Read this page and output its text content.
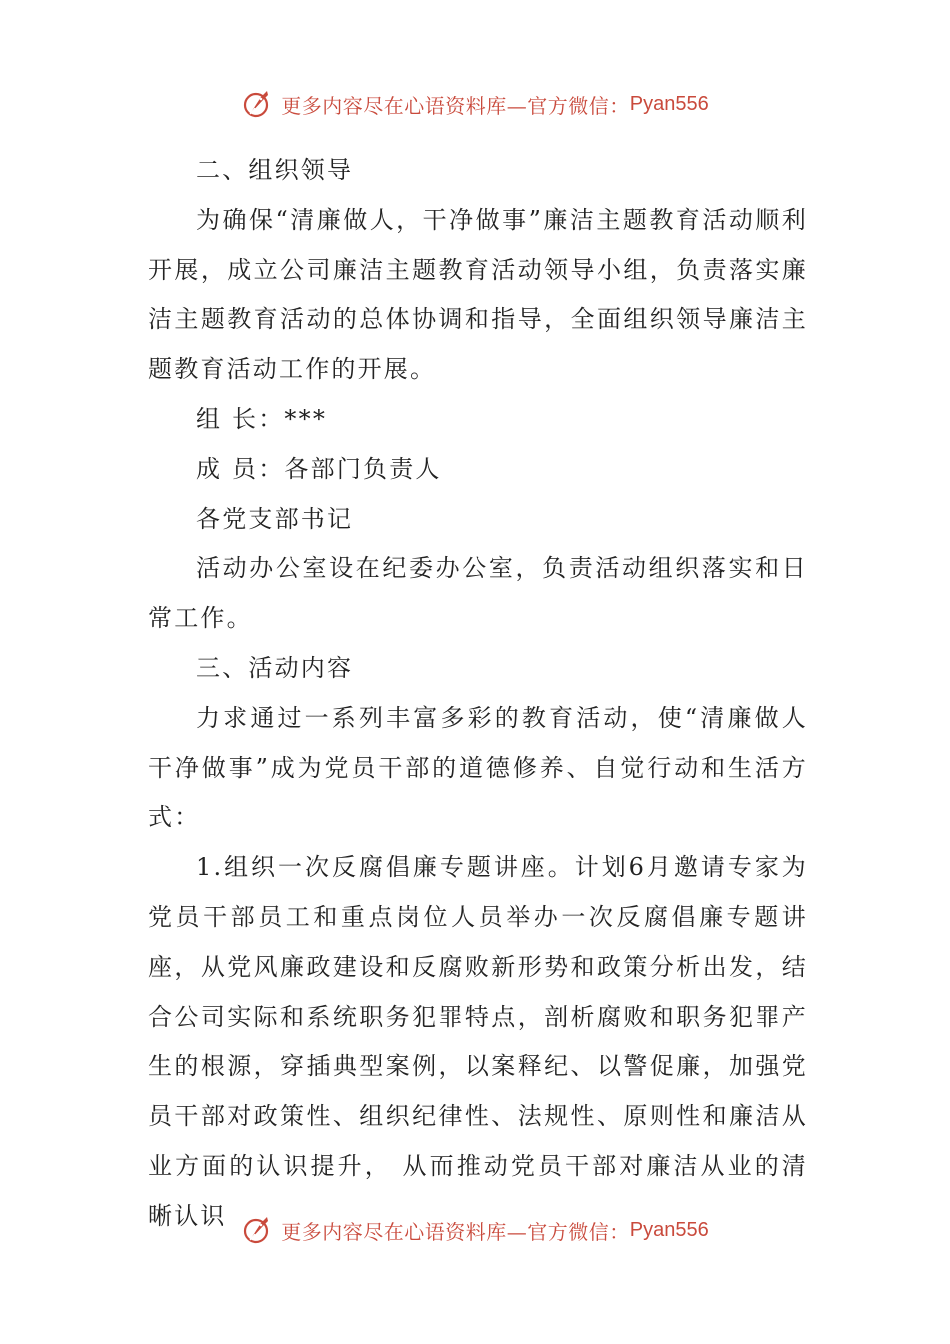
更多内容尽在心语资料库—官方微信： Pyan556

二、组织领导

为确保“清廉做人，干净做事”廉洁主题教育活动顺利开展，成立公司廉洁主题教育活动领导小组，负责落实廉洁主题教育活动的总体协调和指导，全面组织领导廉洁主题教育活动工作的开展。

组 长：***

成 员：各部门负责人

各党支部书记

活动办公室设在纪委办公室，负责活动组织落实和日常工作。

三、活动内容

力求通过一系列丰富多彩的教育活动，使“清廉做人干净做事”成为党员干部的道德修养、自觉行动和生活方式：

1.组织一次反腐倡廉专题讲座。计划6月邀请专家为党员干部员工和重点岗位人员举办一次反腐倡廉专题讲座，从党风廉政建设和反腐败新形势和政策分析出发，结合公司实际和系统职务犯罪特点，剖析腐败和职务犯罪产生的根源，穿插典型案例，以案释纪、以警促廉，加强党员干部对政策性、组织纪律性、法规性、原则性和廉洁从业方面的认识提升， 从而推动党员干部对廉洁从业的清晰认识

更多内容尽在心语资料库—官方微信： Pyan556
